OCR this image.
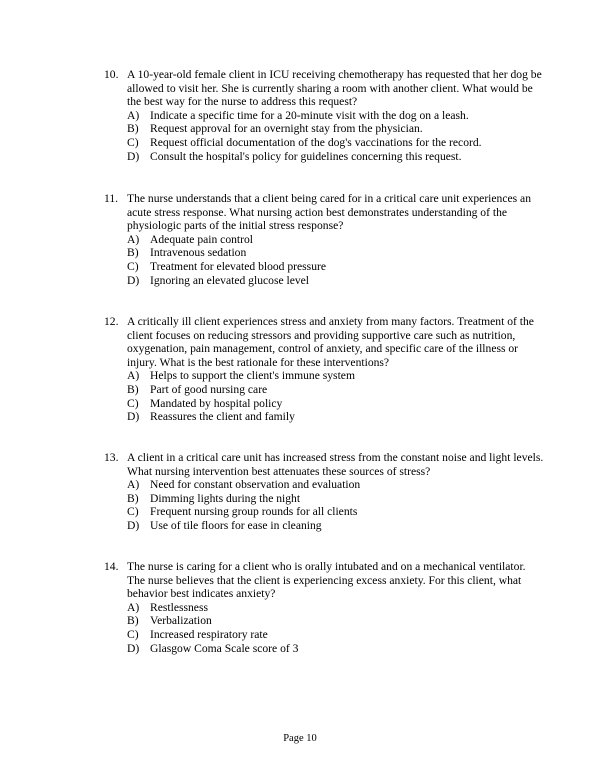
10. A 10-year-old female client in ICU receiving chemotherapy has requested that her dog be allowed to visit her. She is currently sharing a room with another client. What would be the best way for the nurse to address this request?
A) Indicate a specific time for a 20-minute visit with the dog on a leash.
B) Request approval for an overnight stay from the physician.
C) Request official documentation of the dog's vaccinations for the record.
D) Consult the hospital's policy for guidelines concerning this request.
11. The nurse understands that a client being cared for in a critical care unit experiences an acute stress response. What nursing action best demonstrates understanding of the physiologic parts of the initial stress response?
A) Adequate pain control
B) Intravenous sedation
C) Treatment for elevated blood pressure
D) Ignoring an elevated glucose level
12. A critically ill client experiences stress and anxiety from many factors. Treatment of the client focuses on reducing stressors and providing supportive care such as nutrition, oxygenation, pain management, control of anxiety, and specific care of the illness or injury. What is the best rationale for these interventions?
A) Helps to support the client's immune system
B) Part of good nursing care
C) Mandated by hospital policy
D) Reassures the client and family
13. A client in a critical care unit has increased stress from the constant noise and light levels. What nursing intervention best attenuates these sources of stress?
A) Need for constant observation and evaluation
B) Dimming lights during the night
C) Frequent nursing group rounds for all clients
D) Use of tile floors for ease in cleaning
14. The nurse is caring for a client who is orally intubated and on a mechanical ventilator. The nurse believes that the client is experiencing excess anxiety. For this client, what behavior best indicates anxiety?
A) Restlessness
B) Verbalization
C) Increased respiratory rate
D) Glasgow Coma Scale score of 3
Page 10
